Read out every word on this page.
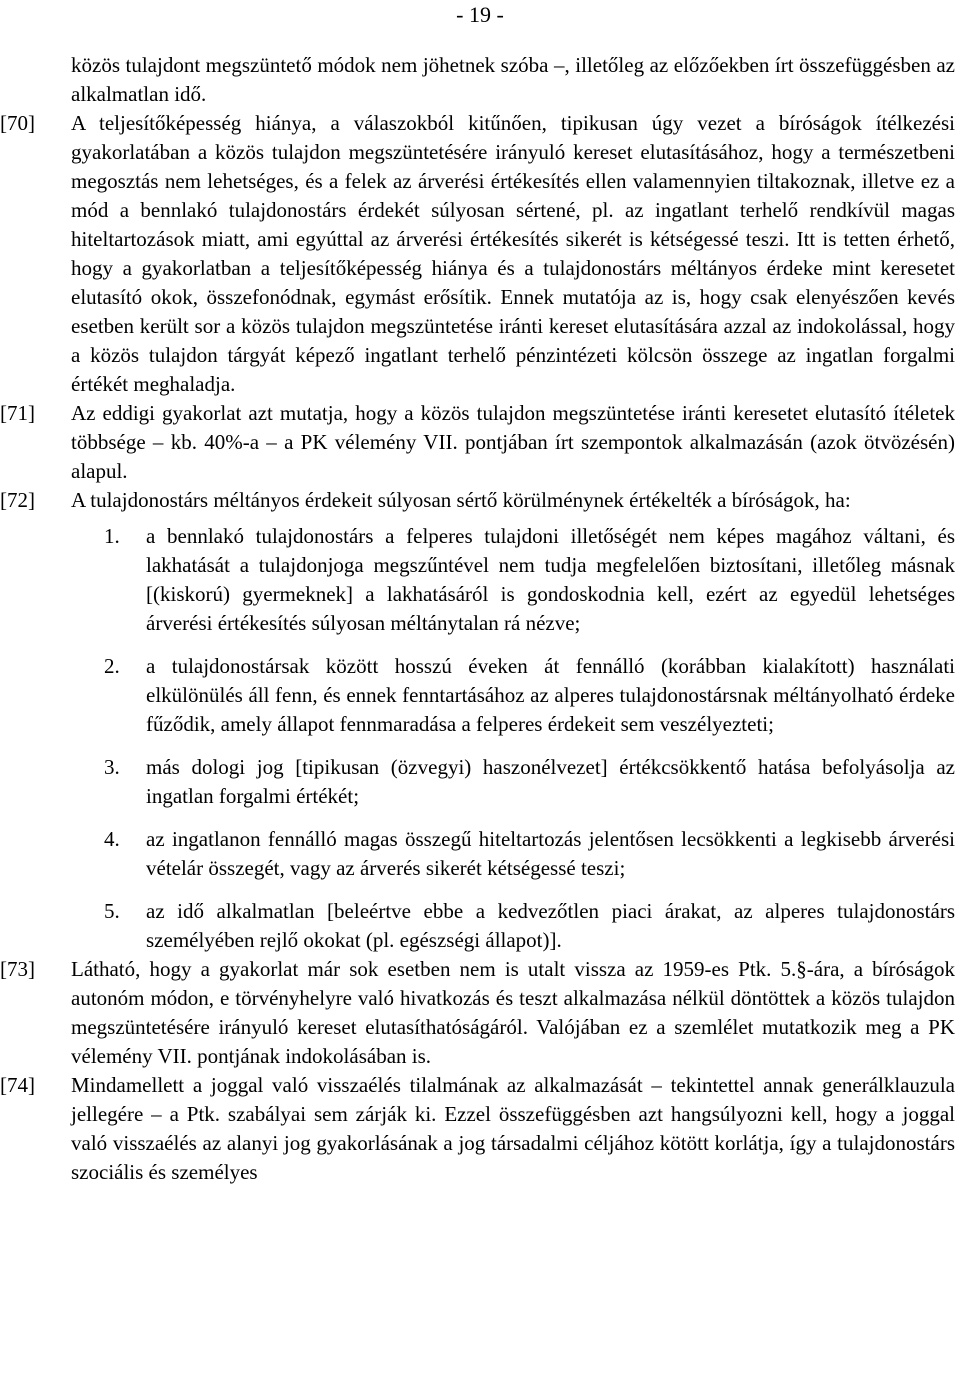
- 19 -
közös tulajdont megszüntető módok nem jöhetnek szóba –, illetőleg az előzőekben írt összefüggésben az alkalmatlan idő.
[70] A teljesítőképesség hiánya, a válaszokból kitűnően, tipikusan úgy vezet a bíróságok ítélkezési gyakorlatában a közös tulajdon megszüntetésére irányuló kereset elutasításához, hogy a természetbeni megosztás nem lehetséges, és a felek az árverési értékesítés ellen valamennyien tiltakoznak, illetve ez a mód a bennlakó tulajdonostárs érdekét súlyosan sértené, pl. az ingatlant terhelő rendkívül magas hiteltartozások miatt, ami egyúttal az árverési értékesítés sikerét is kétségessé teszi. Itt is tetten érhető, hogy a gyakorlatban a teljesítőképesség hiánya és a tulajdonostárs méltányos érdeke mint keresetet elutasító okok, összefonódnak, egymást erősítik. Ennek mutatója az is, hogy csak elenyészően kevés esetben került sor a közös tulajdon megszüntetése iránti kereset elutasítására azzal az indokolással, hogy a közös tulajdon tárgyát képező ingatlant terhelő pénzintézeti kölcsön összege az ingatlan forgalmi értékét meghaladja.
[71] Az eddigi gyakorlat azt mutatja, hogy a közös tulajdon megszüntetése iránti keresetet elutasító ítéletek többsége – kb. 40%-a – a PK vélemény VII. pontjában írt szempontok alkalmazásán (azok ötvözésén) alapul.
[72] A tulajdonostárs méltányos érdekeit súlyosan sértő körülménynek értékelték a bíróságok, ha:
1. a bennlakó tulajdonostárs a felperes tulajdoni illetőségét nem képes magához váltani, és lakhatását a tulajdonjoga megszűntével nem tudja megfelelően biztosítani, illetőleg másnak [(kiskorú) gyermeknek] a lakhatásáról is gondoskodnia kell, ezért az egyedül lehetséges árverési értékesítés súlyosan méltánytalan rá nézve;
2. a tulajdonostársak között hosszú éveken át fennálló (korábban kialakított) használati elkülönülés áll fenn, és ennek fenntartásához az alperes tulajdonostársnak méltányolható érdeke fűződik, amely állapot fennmaradása a felperes érdekeit sem veszélyezteti;
3. más dologi jog [tipikusan (özvegyi) haszonélvezet] értékcsökkentő hatása befolyásolja az ingatlan forgalmi értékét;
4. az ingatlanon fennálló magas összegű hiteltartozás jelentősen lecsökkenti a legkisebb árverési vételár összegét, vagy az árverés sikerét kétségessé teszi;
5. az idő alkalmatlan [beleértve ebbe a kedvezőtlen piaci árakat, az alperes tulajdonostárs személyében rejlő okokat (pl. egészségi állapot)].
[73] Látható, hogy a gyakorlat már sok esetben nem is utalt vissza az 1959-es Ptk. 5.§-ára, a bíróságok autonóm módon, e törvényhelyre való hivatkozás és teszt alkalmazása nélkül döntöttek a közös tulajdon megszüntetésére irányuló kereset elutasíthatóságáról. Valójában ez a szemlélet mutatkozik meg a PK vélemény VII. pontjának indokolásában is.
[74] Mindamellett a joggal való visszaélés tilalmának az alkalmazását – tekintettel annak generálklauzula jellegére – a Ptk. szabályai sem zárják ki. Ezzel összefüggésben azt hangsúlyozni kell, hogy a joggal való visszaélés az alanyi jog gyakorlásának a jog társadalmi céljához kötött korlátja, így a tulajdonostárs szociális és személyes
